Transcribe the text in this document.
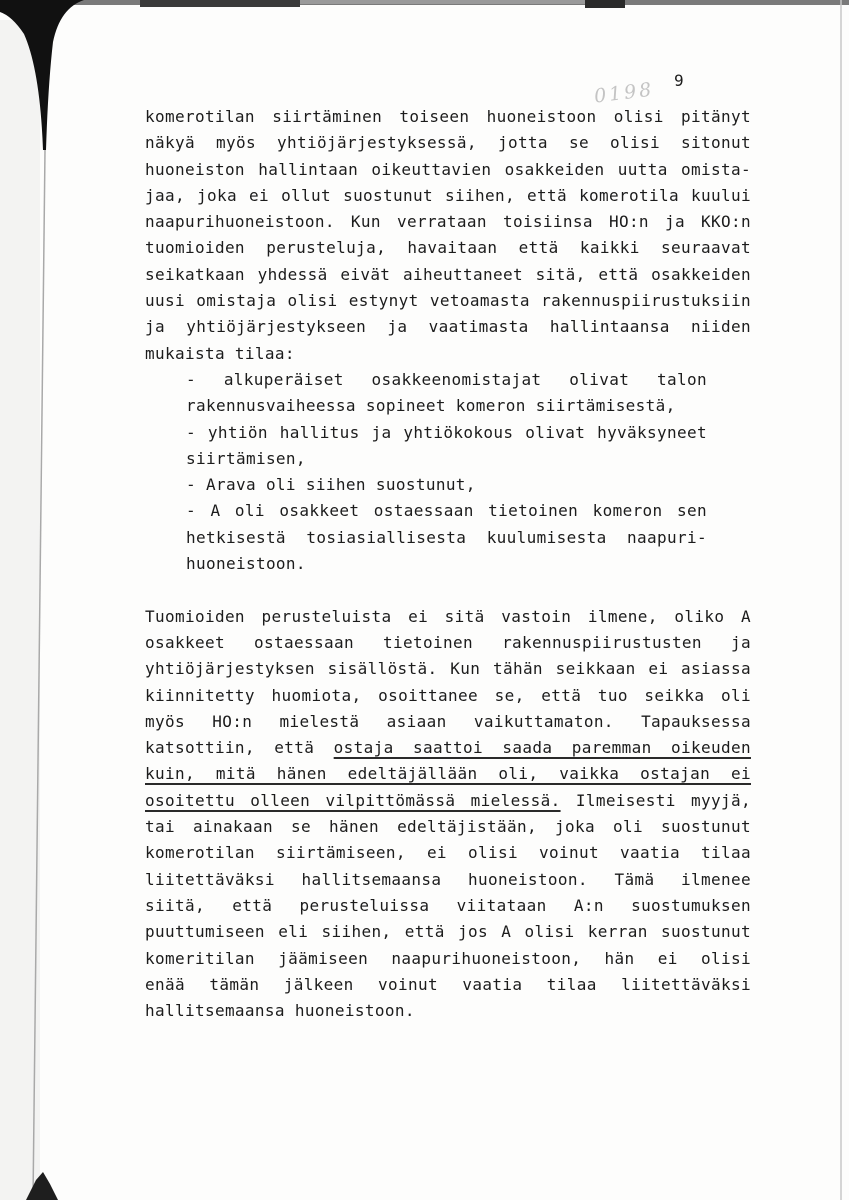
9
0198
komerotilan siirtäminen toiseen huoneistoon olisi pitänyt
näkyä myös yhtiöjärjestyksessä, jotta se olisi sitonut
huoneiston hallintaan oikeuttavien osakkeiden uutta omista-
jaa, joka ei ollut suostunut siihen, että komerotila kuului
naapurihuoneistoon. Kun verrataan toisiinsa HO:n ja KKO:n
tuomioiden perusteluja, havaitaan että kaikki seuraavat
seikatkaan yhdessä eivät aiheuttaneet sitä, että osakkeiden
uusi omistaja olisi estynyt vetoamasta rakennuspiirustuksiin
ja yhtiöjärjestykseen ja vaatimasta hallintaansa niiden
mukaista tilaa:
- alkuperäiset osakkeenomistajat olivat talon
rakennusvaiheessa sopineet komeron siirtämisestä,
- yhtiön hallitus ja yhtiökokous olivat hyväksyneet
siirtämisen,
- Arava oli siihen suostunut,
- A oli osakkeet ostaessaan tietoinen komeron sen
hetkisestä tosiasiallisesta kuulumisesta naapuri-
huoneistoon.
Tuomioiden perusteluista ei sitä vastoin ilmene, oliko A
osakkeet ostaessaan tietoinen rakennuspiirustusten ja
yhtiöjärjestyksen sisällöstä. Kun tähän seikkaan ei asiassa
kiinnitetty huomiota, osoittanee se, että tuo seikka oli
myös HO:n mielestä asiaan vaikuttamaton. Tapauksessa
katsottiin, että ostaja saattoi saada paremman oikeuden
kuin, mitä hänen edeltäjällään oli, vaikka ostajan ei
osoitettu olleen vilpittömässä mielessä. Ilmeisesti myyjä,
tai ainakaan se hänen edeltäjistään, joka oli suostunut
komerotilan siirtämiseen, ei olisi voinut vaatia tilaa
liitettäväksi hallitsemaansa huoneistoon. Tämä ilmenee
siitä, että perusteluissa viitataan A:n suostumuksen
puuttumiseen eli siihen, että jos A olisi kerran suostunut
komeritilan jäämiseen naapurihuoneistoon, hän ei olisi
enää tämän jälkeen voinut vaatia tilaa liitettäväksi
hallitsemaansa huoneistoon.
